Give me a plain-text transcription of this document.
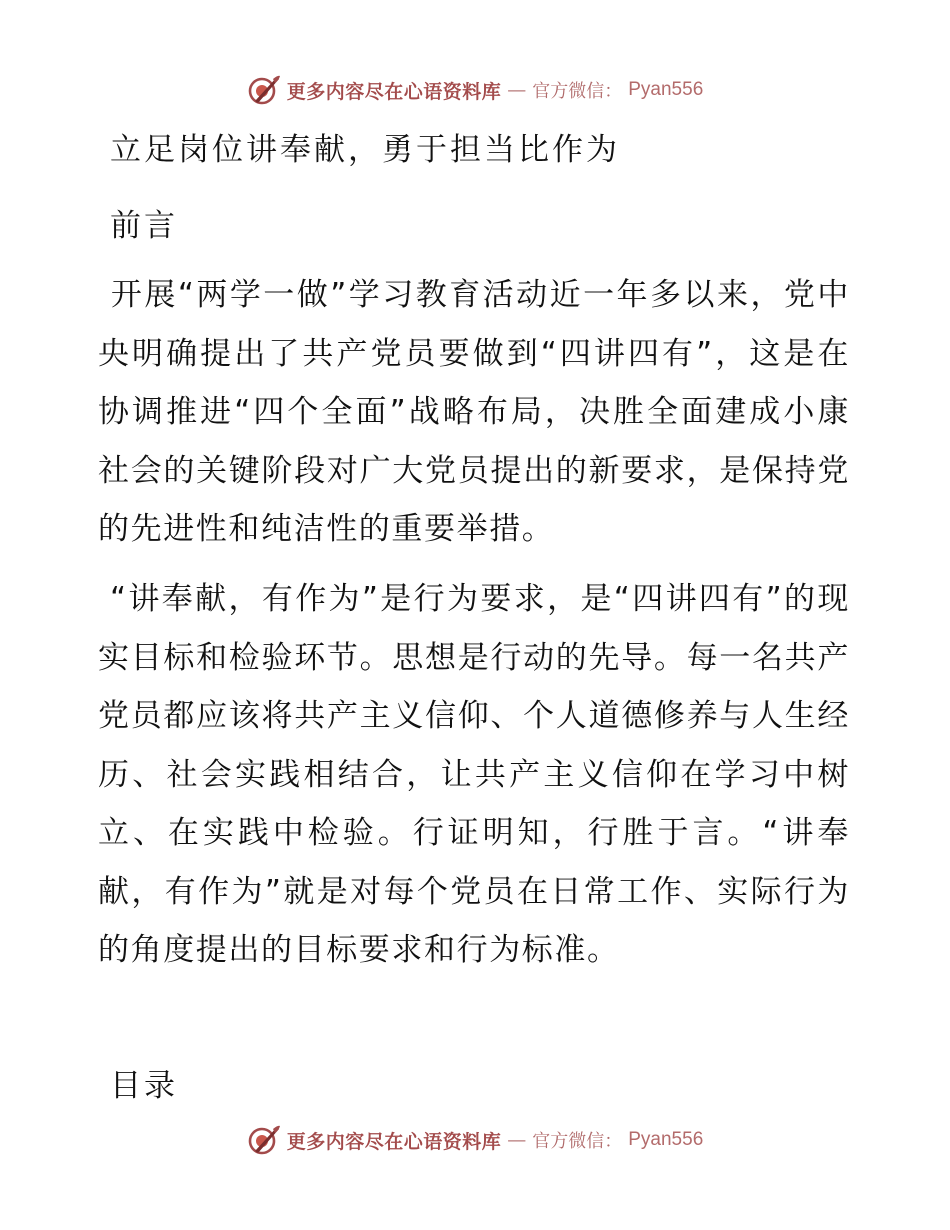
更多内容尽在心语资料库 — 官方微信： Pyan556
立足岗位讲奉献，勇于担当比作为
前言

开展“两学一做”学习教育活动近一年多以来，党中央明确提出了共产党员要做到“四讲四有”，这是在协调推进“四个全面”战略布局，决胜全面建成小康社会的关键阶段对广大党员提出的新要求，是保持党的先进性和纯洁性的重要举措。

“讲奉献，有作为”是行为要求，是“四讲四有”的现实目标和检验环节。思想是行动的先导。每一名共产党员都应该将共产主义信仰、个人道德修养与人生经历、社会实践相结合，让共产主义信仰在学习中树立、在实践中检验。行证明知，行胜于言。“讲奉献，有作为”就是对每个党员在日常工作、实际行为的角度提出的目标要求和行为标准。

目录
更多内容尽在心语资料库 — 官方微信： Pyan556
